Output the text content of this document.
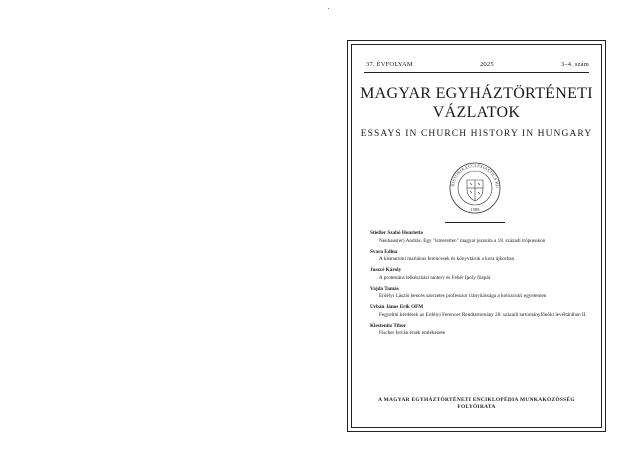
37. ÉVFOLYAM	2025	3–4. szám
MAGYAR EGYHÁZTÖRTÉNETI
VÁZLATOK
ESSAYS IN CHURCH HISTORY IN HUNGARY
HISTORIA ECCLESIASTICA HU
1988
Stiefler Szabó Henriette
Neuhaus(er) András. Egy "ismeretlen" magyar jezsuita a 18. századi tröpusokon
Svara Edina
A kismartoni mariánus ferencesek és könyvtáruk a kora újkorban
Juszcé Károly
A protestáns lelkészházi tanterv és Fehér Ipoly főapát
Vajda Tamás
Erdélyi László bencés szerzetes professzor irányítássága a kolozsvári egyetemen
Urbán János Erik OFM
Fegyelmi kérdések az Erdélyi Ferences Rendtartomány 20. századi tartományfőnöki levéltárában II.
Klestenitz Tibor
Fischer István érsek emlékezete
A MAGYAR EGYHÁZTÖRTÉNETI ENCIKLOPÉDIA MUNKAKÖZÖSSÉG
FOLYÓIRATA
